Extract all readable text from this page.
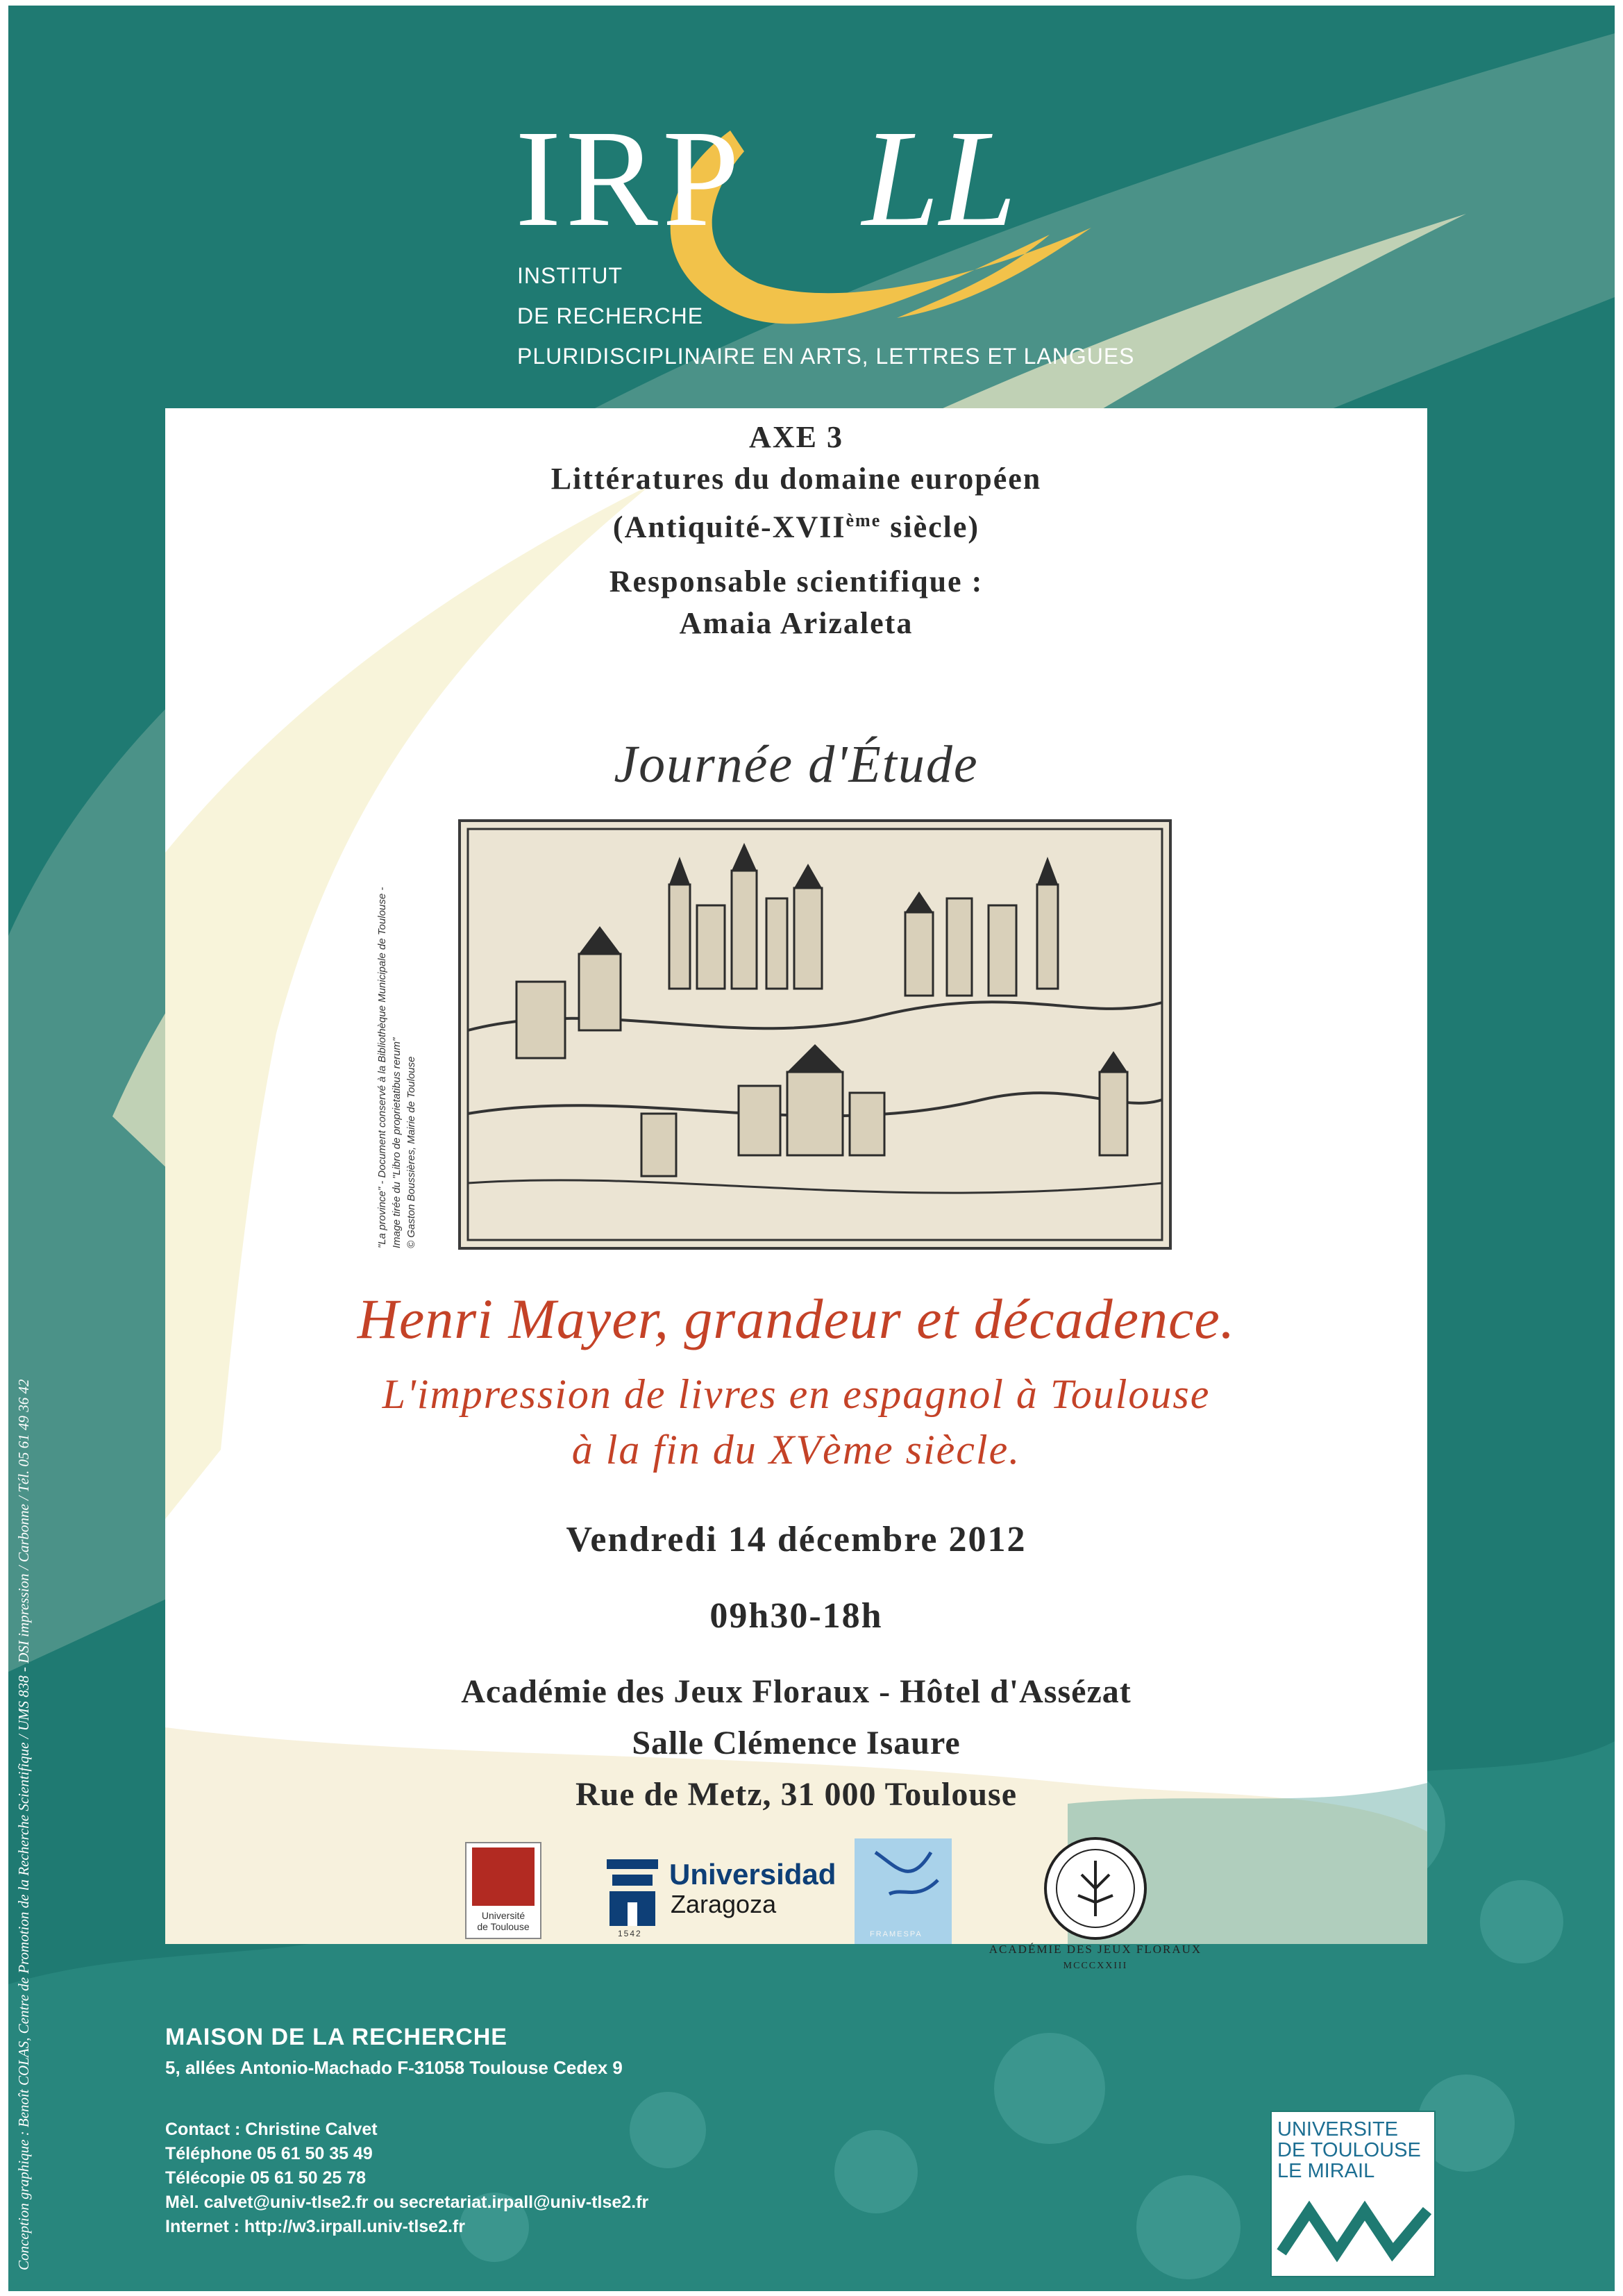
IRP LL
INSTITUT
DE RECHERCHE
PLURIDISCIPLINAIRE EN ARTS, LETTRES ET LANGUES
AXE 3
Littératures du domaine européen
(Antiquité-XVIIème siècle)
Responsable scientifique :
Amaia Arizaleta
Journée d'Étude
"La province" - Document conservé à la Bibliothèque Municipale de Toulouse - Image tirée du "Libro de proprietatibus rerum" © Gaston Boussières, Mairie de Toulouse
Henri Mayer, grandeur et décadence.
L'impression de livres en espagnol à Toulouse
à la fin du XVème siècle.
Vendredi 14 décembre 2012
09h30-18h
Académie des Jeux Floraux - Hôtel d'Assézat
Salle Clémence Isaure
Rue de Metz, 31 000 Toulouse
Université
de Toulouse
Universidad
Zaragoza
1542	FRAMESPA
ACADÉMIE DES JEUX FLORAUX
MCCCXXIII
MAISON DE LA RECHERCHE
5, allées Antonio-Machado F-31058 Toulouse Cedex 9
Contact : Christine Calvet
Téléphone 05 61 50 35 49
Télécopie 05 61 50 25 78
Mèl. calvet@univ-tlse2.fr ou secretariat.irpall@univ-tlse2.fr
Internet : http://w3.irpall.univ-tlse2.fr
Conception graphique : Benoît COLAS, Centre de Promotion de la Recherche Scientifique / UMS 838 - DSI impression / Carbonne / Tél. 05 61 49 36 42	UNIVERSITE
DE TOULOUSE
LE MIRAIL
